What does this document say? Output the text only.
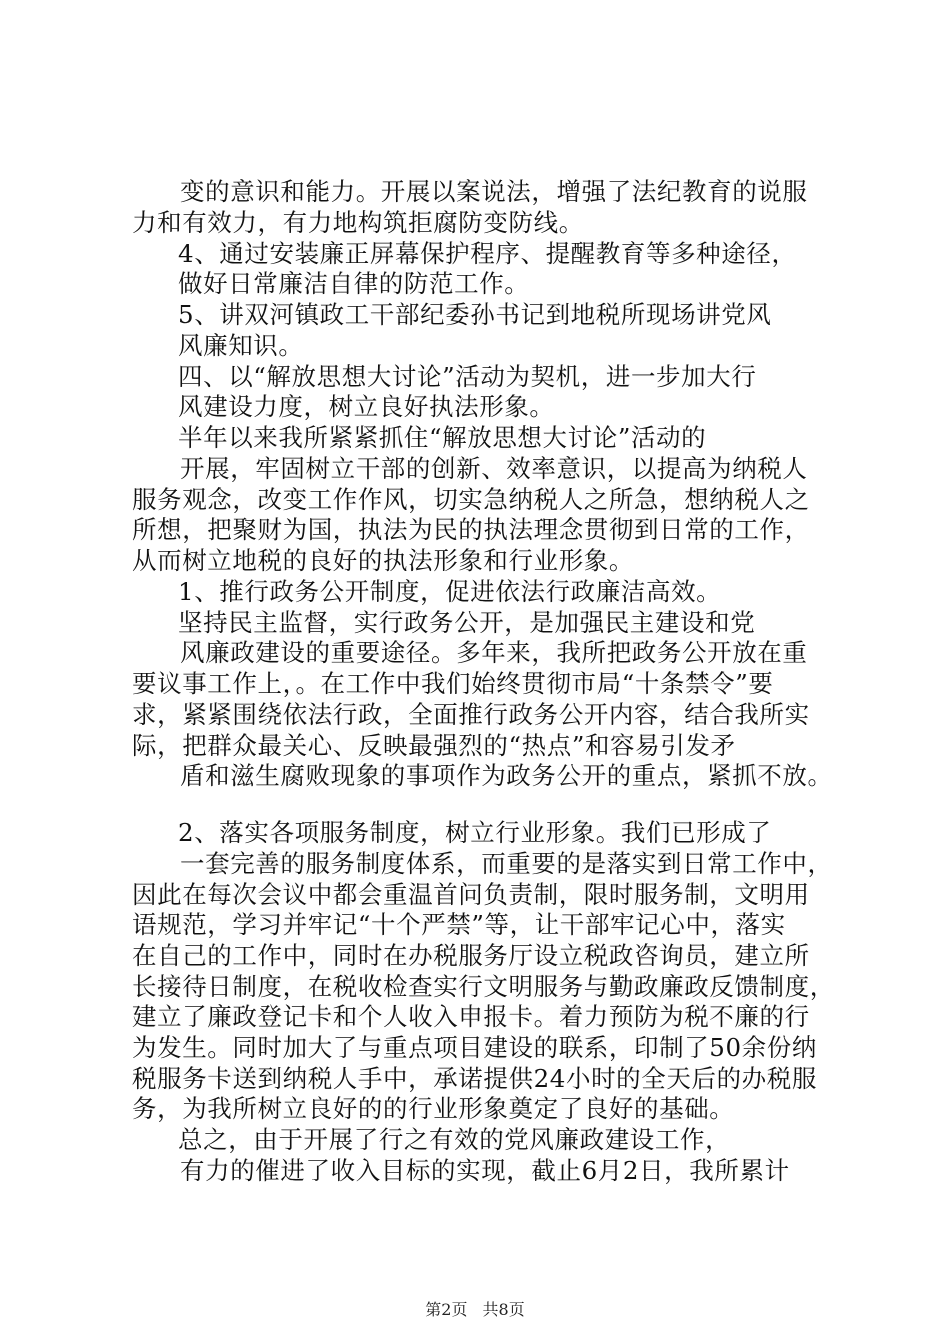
变的意识和能力。开展以案说法，增强了法纪教育的说服
力和有效力，有力地构筑拒腐防变防线。
4、通过安装廉正屏幕保护程序、提醒教育等多种途径，
做好日常廉洁自律的防范工作。
5、讲双河镇政工干部纪委孙书记到地税所现场讲党风
风廉知识。
四、以“解放思想大讨论”活动为契机，进一步加大行
风建设力度，树立良好执法形象。
半年以来我所紧紧抓住“解放思想大讨论”活动的
开展，牢固树立干部的创新、效率意识，以提高为纳税人
服务观念，改变工作作风，切实急纳税人之所急，想纳税人之
所想，把聚财为国，执法为民的执法理念贯彻到日常的工作，
从而树立地税的良好的执法形象和行业形象。
1、推行政务公开制度，促进依法行政廉洁高效。
坚持民主监督，实行政务公开，是加强民主建设和党
风廉政建设的重要途径。多年来，我所把政务公开放在重
要议事工作上，。在工作中我们始终贯彻市局“十条禁令”要
求，紧紧围绕依法行政，全面推行政务公开内容，结合我所实
际，把群众最关心、反映最强烈的“热点”和容易引发矛
盾和滋生腐败现象的事项作为政务公开的重点，紧抓不放。
2、落实各项服务制度，树立行业形象。我们已形成了
一套完善的服务制度体系，而重要的是落实到日常工作中，
因此在每次会议中都会重温首问负责制，限时服务制，文明用
语规范，学习并牢记“十个严禁”等，让干部牢记心中，落实
在自己的工作中，同时在办税服务厅设立税政咨询员，建立所
长接待日制度，在税收检查实行文明服务与勤政廉政反馈制度，
建立了廉政登记卡和个人收入申报卡。着力预防为税不廉的行
为发生。同时加大了与重点项目建设的联系，印制了50余份纳
税服务卡送到纳税人手中，承诺提供24小时的全天后的办税服
务，为我所树立良好的的行业形象奠定了良好的基础。
总之，由于开展了行之有效的党风廉政建设工作，
有力的催进了收入目标的实现，截止6月2日，我所累计
第2页 共8页
